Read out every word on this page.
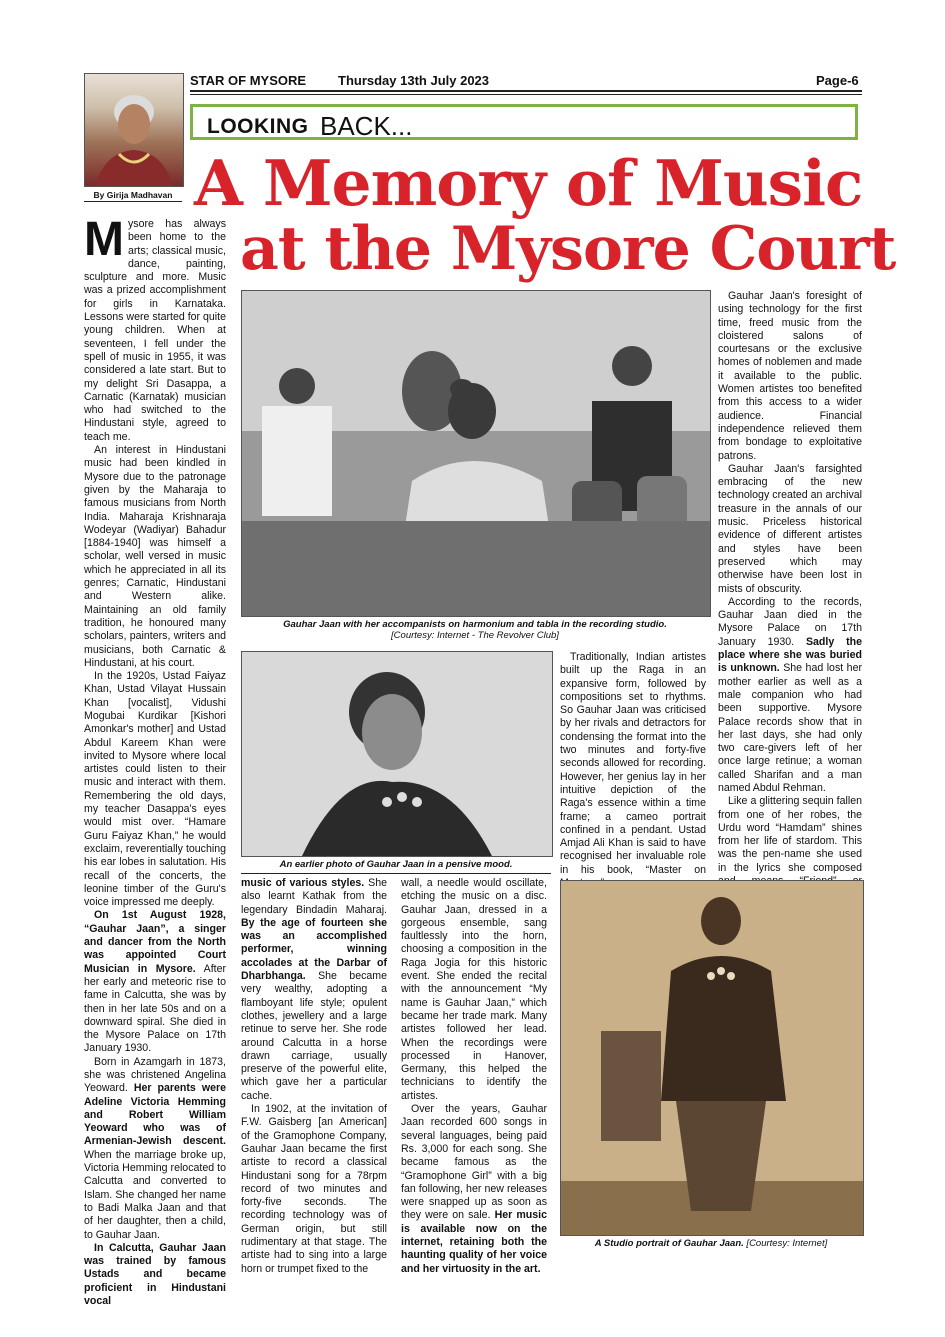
STAR OF MYSORE Thursday 13th July 2023	Page-6
LOOKING BACK...
By Girija Madhavan A Memory of Music
at the Mysore Court

Mysore has always been home to the arts; classical music, dance, painting, sculpture and more. Music was a prized accomplishment for girls in Karnataka. Lessons were started for quite young children. When at seventeen, I fell under the spell of music in 1955, it was considered a late start. But to my delight Sri Dasappa, a Carnatic (Karnatak) musician who had switched to the Hindustani style, agreed to teach me.

An interest in Hindustani music had been kindled in Mysore due to the patronage given by the Maharaja to famous musicians from North India. Maharaja Krishnaraja Wodeyar (Wadiyar) Bahadur [1884-1940] was himself a scholar, well versed in music which he appreciated in all its genres; Carnatic, Hindustani and Western alike. Maintaining an old family tradition, he honoured many scholars, painters, writers and musicians, both Carnatic & Hindustani, at his court.

In the 1920s, Ustad Faiyaz Khan, Ustad Vilayat Hussain Khan [vocalist], Vidushi Mogubai Kurdikar [Kishori Amonkar's mother] and Ustad Abdul Kareem Khan were invited to Mysore where local artistes could listen to their music and interact with them. Remembering the old days, my teacher Dasappa's eyes would mist over. “Hamare Guru Faiyaz Khan,” he would exclaim, reverentially touching his ear lobes in salutation. His recall of the concerts, the leonine timber of the Guru's voice impressed me deeply.

On 1st August 1928, “Gauhar Jaan”, a singer and dancer from the North was appointed Court Musician in Mysore. After her early and meteoric rise to fame in Calcutta, she was by then in her late 50s and on a downward spiral. She died in the Mysore Palace on 17th January 1930.

Born in Azamgarh in 1873, she was christened Angelina Yeoward. Her parents were Adeline Victoria Hemming and Robert William Yeoward who was of Armenian-Jewish descent. When the marriage broke up, Victoria Hemming relocated to Calcutta and converted to Islam. She changed her name to Badi Malka Jaan and that of her daughter, then a child, to Gauhar Jaan.

In Calcutta, Gauhar Jaan was trained by famous Ustads and became proficient in Hindustani vocal

Gauhar Jaan with her accompanists on harmonium and tabla in the recording studio.
[Courtesy: Internet - The Revolver Club]
An earlier photo of Gauhar Jaan in a pensive mood.

music of various styles. She also learnt Kathak from the legendary Bindadin Maharaj. By the age of fourteen she was an accomplished performer, winning accolades at the Darbar of Dharbhanga. She became very wealthy, adopting a flamboyant life style; opulent clothes, jewellery and a large retinue to serve her. She rode around Calcutta in a horse drawn carriage, usually preserve of the powerful elite, which gave her a particular cache.

In 1902, at the invitation of F.W. Gaisberg [an American] of the Gramophone Company, Gauhar Jaan became the first artiste to record a classical Hindustani song for a 78rpm record of two minutes and forty-five seconds. The recording technology was of German origin, but still rudimentary at that stage. The artiste had to sing into a large horn or trumpet fixed to the

wall, a needle would oscillate, etching the music on a disc. Gauhar Jaan, dressed in a gorgeous ensemble, sang faultlessly into the horn, choosing a composition in the Raga Jogia for this historic event. She ended the recital with the announcement “My name is Gauhar Jaan,” which became her trade mark. Many artistes followed her lead. When the recordings were processed in Hanover, Germany, this helped the technicians to identify the artistes.

Over the years, Gauhar Jaan recorded 600 songs in several languages, being paid Rs. 3,000 for each song. She became famous as the “Gramophone Girl” with a big fan following, her new releases were snapped up as soon as they were on sale. Her music is available now on the internet, retaining both the haunting quality of her voice and her virtuosity in the art.

Traditionally, Indian artistes built up the Raga in an expansive form, followed by compositions set to rhythms. So Gauhar Jaan was criticised by her rivals and detractors for condensing the format into the two minutes and forty-five seconds allowed for recording. However, her genius lay in her intuitive depiction of the Raga's essence within a time frame; a cameo portrait confined in a pendant. Ustad Amjad Ali Khan is said to have recognised her invaluable role in his book, “Master on

Gauhar Jaan's foresight of using technology for the first time, freed music from the cloistered salons of courtesans or the exclusive homes of noblemen and made it available to the public. Women artistes too benefited from this access to a wider audience. Financial independence relieved them from bondage to exploitative patrons.

Gauhar Jaan's farsighted embracing of the new technology created an archival treasure in the annals of our music. Priceless historical evidence of different artistes and styles have been preserved which may otherwise have been lost in mists of obscurity.

According to the records, Gauhar Jaan died in the Mysore Palace on 17th January 1930. Sadly the place where she was buried is unknown. She had lost her mother earlier as well as a male companion who had been supportive. Mysore Palace records show that in her last days, she had only two care-givers left of her once large retinue; a woman called Sharifan and a man named Abdul Rehman.

Like a glittering sequin fallen from one of her robes, the Urdu word “Hamdam” shines from her life of stardom. This was the pen-name she used in the lyrics she composed

A Studio portrait of Gauhar Jaan. [Courtesy: Internet]
